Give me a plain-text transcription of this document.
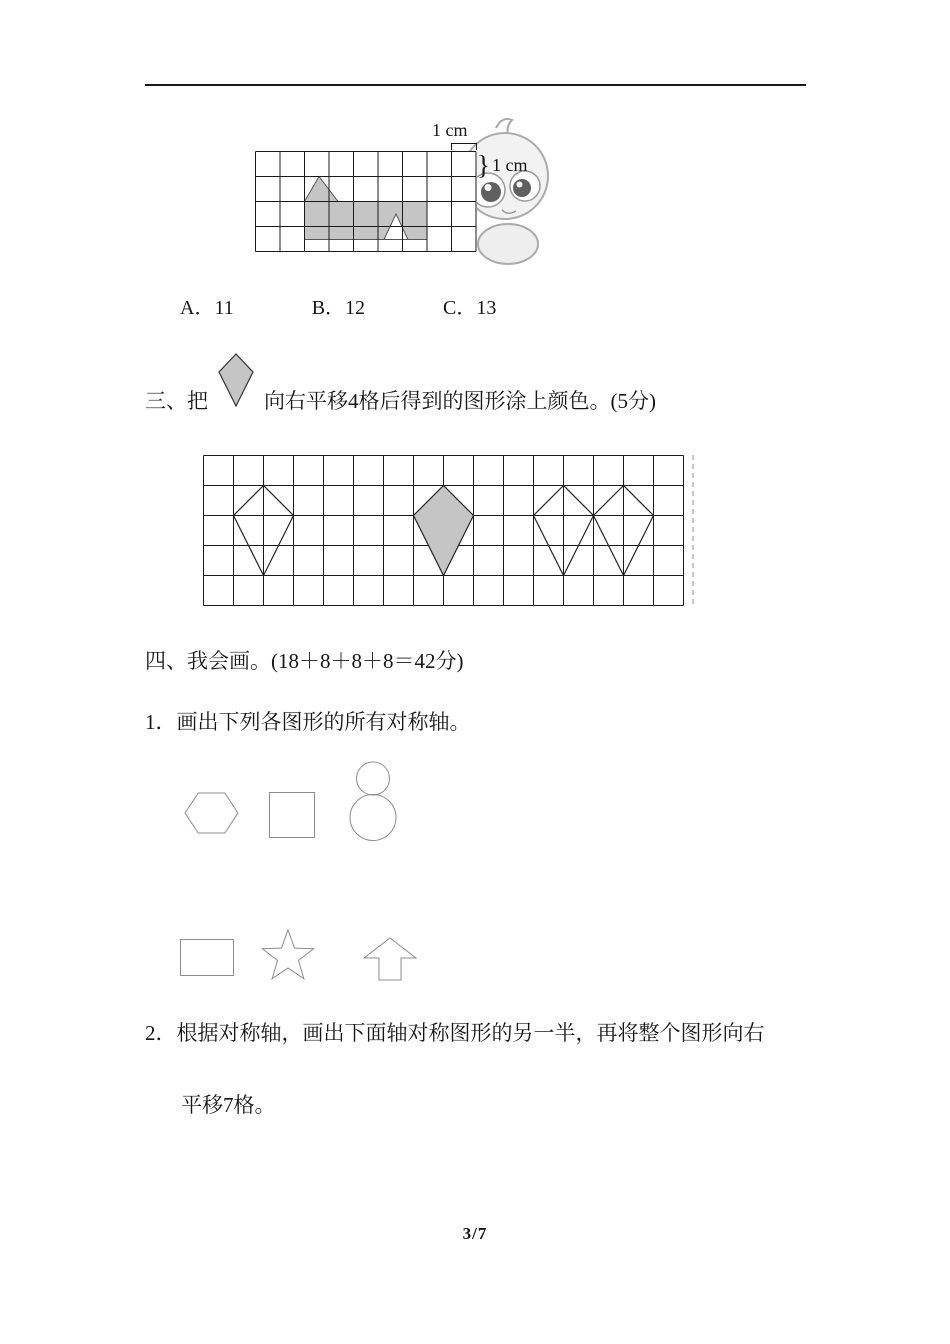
1 cm
} 1 cm
A．11	B．12	C．13
三、把	向右平移4格后得到的图形涂上颜色。(5分)
四、我会画。(18＋8＋8＋8＝42分)
1．画出下列各图形的所有对称轴。
2．根据对称轴，画出下面轴对称图形的另一半，再将整个图形向右
平移7格。
3/7
